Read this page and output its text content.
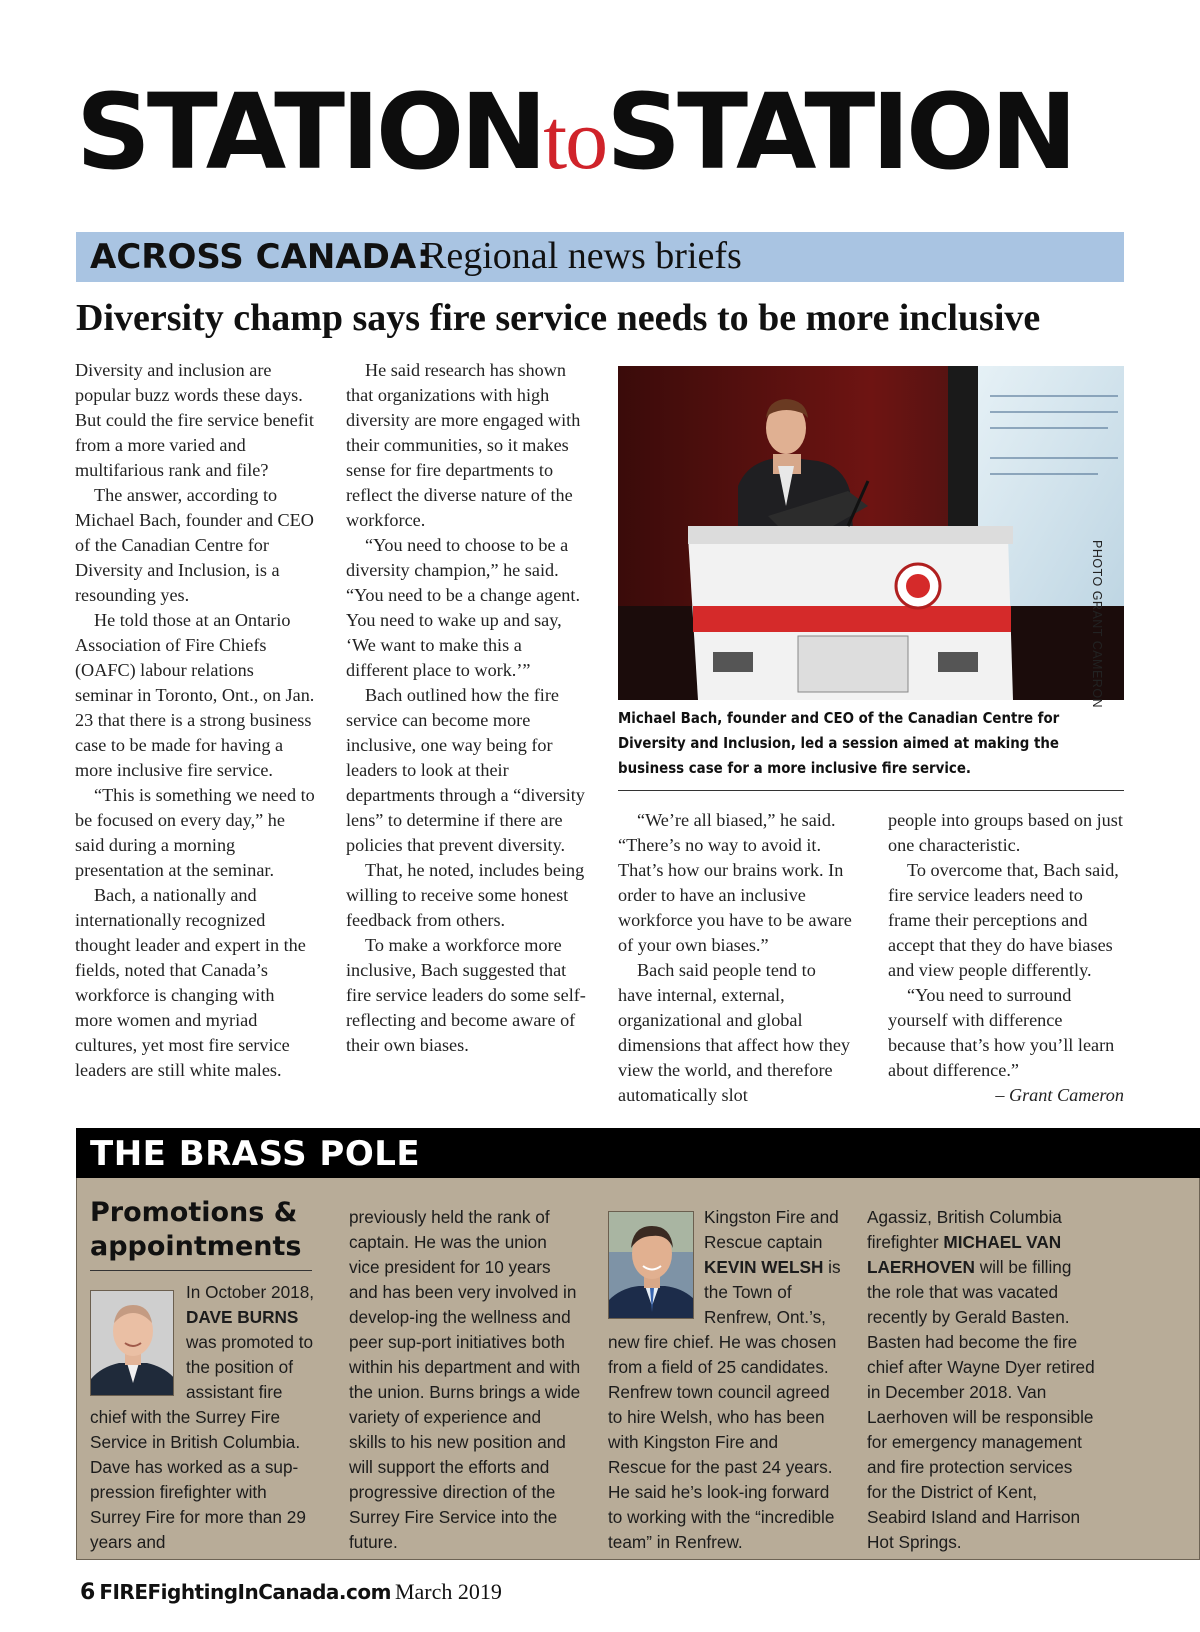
STATIONtoSTATION
ACROSS CANADA:
Regional news briefs
Diversity champ says fire service needs to be more inclusive

Diversity and inclusion are popular buzz words these days. But could the fire service benefit from a more varied and multifarious rank and file?

The answer, according to Michael Bach, founder and CEO of the Canadian Centre for Diversity and Inclusion, is a resounding yes.

He told those at an Ontario Association of Fire Chiefs (OAFC) labour relations seminar in Toronto, Ont., on Jan. 23 that there is a strong business case to be made for having a more inclusive fire service.

“This is something we need to be focused on every day,” he said during a morning presentation at the seminar.

Bach, a nationally and internationally recognized thought leader and expert in the fields, noted that Canada’s workforce is changing with more women and myriad cultures, yet most fire service leaders are still white males.

He said research has shown that organizations with high diversity are more engaged with their communities, so it makes sense for fire departments to reflect the diverse nature of the workforce.

“You need to choose to be a diversity champion,” he said. “You need to be a change agent. You need to wake up and say, ‘We want to make this a different place to work.’”

Bach outlined how the fire service can become more inclusive, one way being for leaders to look at their departments through a “diversity lens” to determine if there are policies that prevent diversity.

That, he noted, includes being willing to receive some honest feedback from others.

To make a workforce more inclusive, Bach suggested that fire service leaders do some self-reflecting and become aware of their own biases.

“We’re all biased,” he said. “There’s no way to avoid it. That’s how our brains work. In order to have an inclusive workforce you have to be aware of your own biases.”

Bach said people tend to have internal, external, organizational and global dimensions that affect how they view the world, and therefore automatically slot

people into groups based on just one characteristic.

To overcome that, Bach said, fire service leaders need to frame their perceptions and accept that they do have biases and view people differently.

“You need to surround yourself with difference because that’s how you’ll learn about difference.”

– Grant Cameron

PHOTO GRANT CAMERON
Michael Bach, founder and CEO of the Canadian Centre for Diversity and Inclusion, led a session aimed at making the business case for a more inclusive fire service.
THE BRASS POLE
Promotions & appointments
In October 2018,
DAVE BURNS
was promoted to
the position of
assistant fire
chief with the Surrey Fire Service in British Columbia. Dave has worked as a sup-pression firefighter with Surrey Fire for more than 29 years and
previously held the rank of captain. He was the union vice president for 10 years and has been very involved in develop-ing the wellness and peer sup-port initiatives both within his department and with the union. Burns brings a wide variety of experience and skills to his new position and will support the efforts and progressive direction of the Surrey Fire Service into the future.
Kingston Fire and
Rescue captain
KEVIN WELSH is
the Town of
Renfrew, Ont.’s,
new fire chief. He was chosen from a field of 25 candidates. Renfrew town council agreed to hire Welsh, who has been with Kingston Fire and Rescue for the past 24 years. He said he’s look-ing forward to working with the “incredible team” in Renfrew.
Agassiz, British Columbia firefighter MICHAEL VAN LAERHOVEN will be filling the role that was vacated recently by Gerald Basten. Basten had become the fire chief after Wayne Dyer retired in December 2018. Van Laerhoven will be responsible for emergency management and fire protection services for the District of Kent, Seabird Island and Harrison Hot Springs.
6 FIREFightingInCanada.com March 2019
